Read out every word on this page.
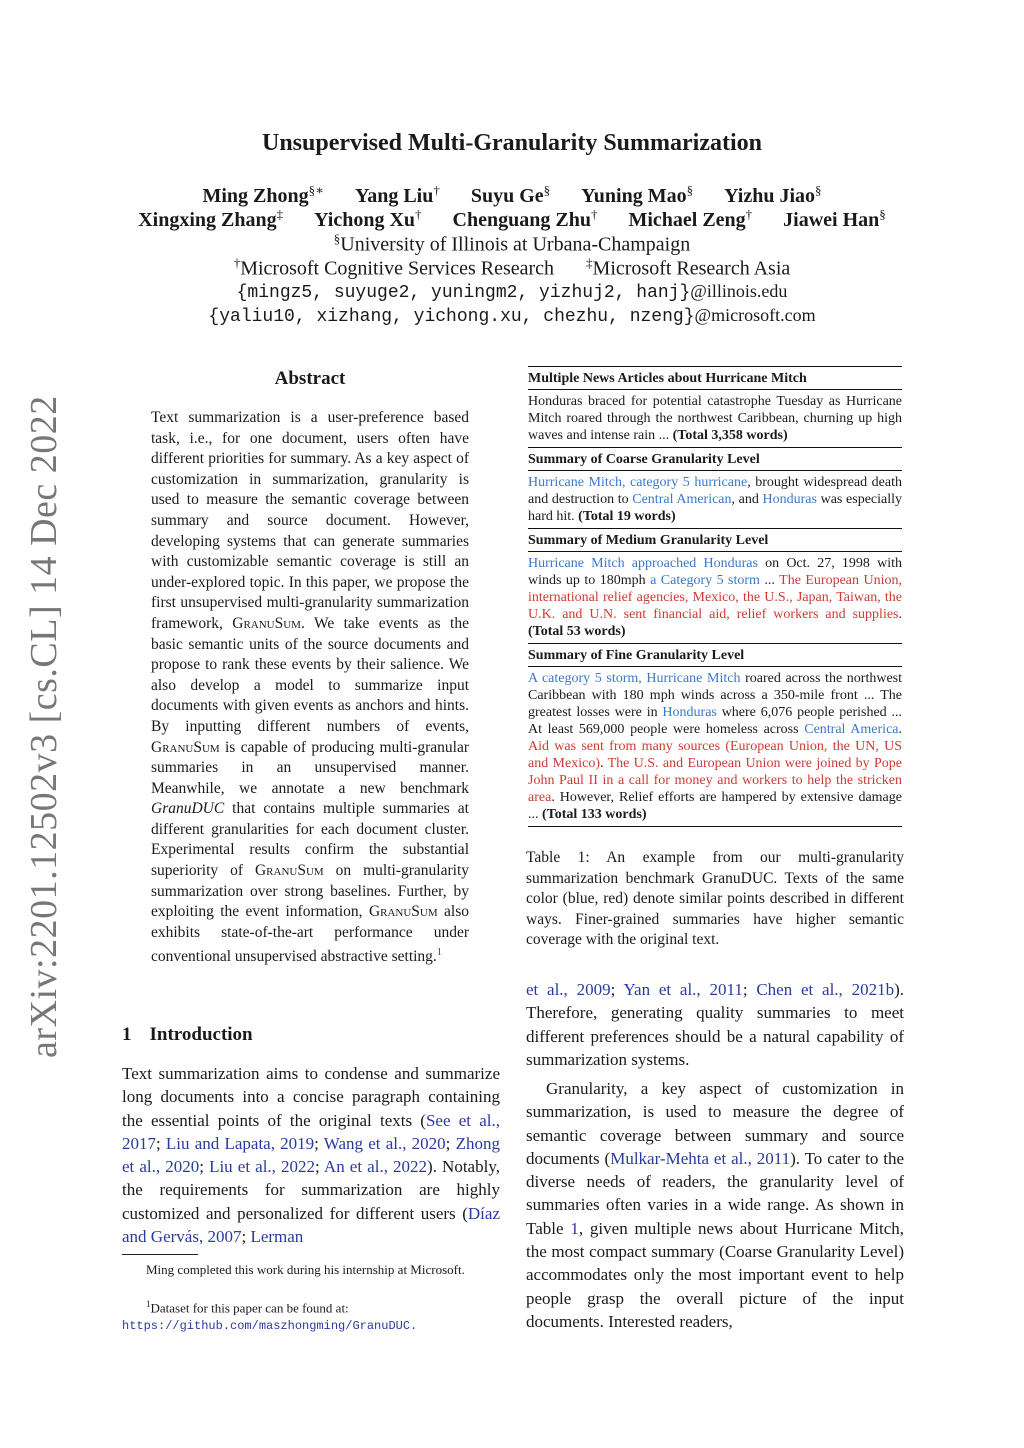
arXiv:2201.12502v3 [cs.CL] 14 Dec 2022
Unsupervised Multi-Granularity Summarization
Ming Zhong§∗ Yang Liu† Suyu Ge§ Yuning Mao§ Yizhu Jiao§
Xingxing Zhang‡ Yichong Xu† Chenguang Zhu† Michael Zeng† Jiawei Han§
§University of Illinois at Urbana-Champaign
†Microsoft Cognitive Services Research ‡Microsoft Research Asia
{mingz5, suyuge2, yuningm2, yizhuj2, hanj}@illinois.edu
{yaliu10, xizhang, yichong.xu, chezhu, nzeng}@microsoft.com
Abstract
Text summarization is a user-preference based task, i.e., for one document, users often have different priorities for summary. As a key aspect of customization in summarization, granularity is used to measure the semantic coverage between summary and source document. However, developing systems that can generate summaries with customizable semantic coverage is still an under-explored topic. In this paper, we propose the first unsupervised multi-granularity summarization framework, GranuSum. We take events as the basic semantic units of the source documents and propose to rank these events by their salience. We also develop a model to summarize input documents with given events as anchors and hints. By inputting different numbers of events, GranuSum is capable of producing multi-granular summaries in an unsupervised manner. Meanwhile, we annotate a new benchmark GranuDUC that contains multiple summaries at different granularities for each document cluster. Experimental results confirm the substantial superiority of GranuSum on multi-granularity summarization over strong baselines. Further, by exploiting the event information, GranuSum also exhibits state-of-the-art performance under conventional unsupervised abstractive setting.$^1$
1 Introduction
Text summarization aims to condense and summarize long documents into a concise paragraph containing the essential points of the original texts (See et al., 2017; Liu and Lapata, 2019; Wang et al., 2020; Zhong et al., 2020; Liu et al., 2022; An et al., 2022). Notably, the requirements for summarization are highly customized and personalized for different users (Díaz and Gervás, 2007; Lerman
Ming completed this work during his internship at Microsoft.
$^1$Dataset for this paper can be found at: https://github.com/maszhongming/GranuDUC.
Multiple News Articles about Hurricane Mitch
Honduras braced for potential catastrophe Tuesday as Hurricane Mitch roared through the northwest Caribbean, churning up high waves and intense rain ... (Total 3,358 words)
Summary of Coarse Granularity Level
Hurricane Mitch, category 5 hurricane, brought widespread death and destruction to Central American, and Honduras was especially hard hit. (Total 19 words)
Summary of Medium Granularity Level
Hurricane Mitch approached Honduras on Oct. 27, 1998 with winds up to 180mph a Category 5 storm ... The European Union, international relief agencies, Mexico, the U.S., Japan, Taiwan, the U.K. and U.N. sent financial aid, relief workers and supplies. (Total 53 words)
Summary of Fine Granularity Level
A category 5 storm, Hurricane Mitch roared across the northwest Caribbean with 180 mph winds across a 350-mile front ... The greatest losses were in Honduras where 6,076 people perished ... At least 569,000 people were homeless across Central America. Aid was sent from many sources (European Union, the UN, US and Mexico). The U.S. and European Union were joined by Pope John Paul II in a call for money and workers to help the stricken area. However, Relief efforts are hampered by extensive damage ... (Total 133 words)
Table 1: An example from our multi-granularity summarization benchmark GranuDUC. Texts of the same color (blue, red) denote similar points described in different ways. Finer-grained summaries have higher semantic coverage with the original text.
et al., 2009; Yan et al., 2011; Chen et al., 2021b). Therefore, generating quality summaries to meet different preferences should be a natural capability of summarization systems.
Granularity, a key aspect of customization in summarization, is used to measure the degree of semantic coverage between summary and source documents (Mulkar-Mehta et al., 2011). To cater to the diverse needs of readers, the granularity level of summaries often varies in a wide range. As shown in Table 1, given multiple news about Hurricane Mitch, the most compact summary (Coarse Granularity Level) accommodates only the most important event to help people grasp the overall picture of the input documents. Interested readers,
